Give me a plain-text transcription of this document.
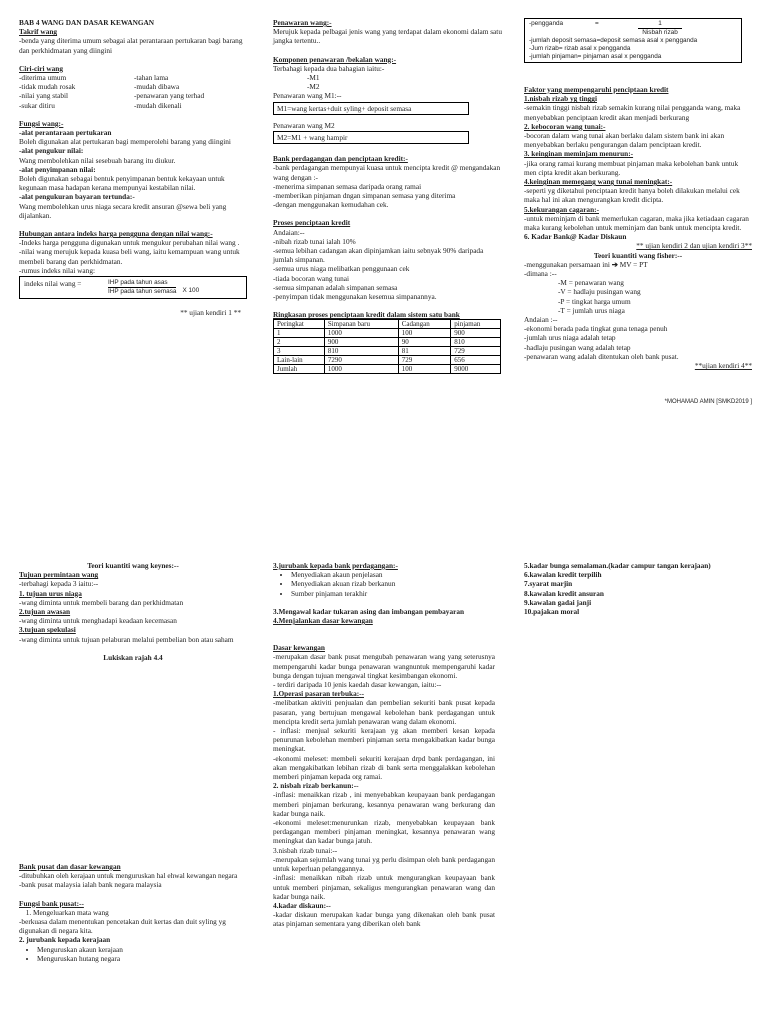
BAB 4 WANG DAN DASAR KEWANGAN

Takrif wang

-benda yang diterima umum sebagai alat perantaraan pertukaran bagi barang dan perkhidmatan yang diingini

Ciri-ciri wang

-diterima umum

-tidak mudah rosak

-nilai yang stabil

-sukar ditiru

-tahan lama

-mudah dibawa

-penawaran yang terhad

-mudah dikenali

Fungsi wang:-

-alat perantaraan pertukaran

Boleh digunakan alat pertukaran bagi memperolehi barang yang diingini

-alat pengukur nilai:

Wang membolehkan nilai sesebuah barang itu diukur.

-alat penyimpanan nilai:

Boleh digunakan sebagai bentuk penyimpanan bentuk kekayaan untuk kegunaan masa hadapan kerana mempunyai kestabilan nilai.

-alat pengukuran bayaran tertunda:-

Wang membolehkan urus niaga secara kredit ansuran @sewa beli yang dijalankan.

Hubungan antara indeks harga pengguna dengan nilai wang:-

-Indeks harga pengguna digunakan untuk mengukur perubahan nilai wang .

-nilai wang merujuk kepada kuasa beli wang, iaitu kemampuan wang untuk membeli barang dan perkhidmatan.

-rumus indeks nilai wang:

indeks nilai wang =	IHP pada tahun asas
IHP pada tahun semasa X 100

** ujian kendiri 1 **

Penawaran wang:-

Merujuk kepada pelbagai jenis wang yang terdapat dalam ekonomi dalam satu jangka tertentu..

Komponen penawaran /bekalan wang:-

Terbahagi kepada dua bahagian iaitu:-

-M1

-M2

Penawaran wang M1:--

M1=wang kertas+duit syling+ deposit semasa

Penawaran wang M2

M2=M1 + wang hampir

Bank perdagangan dan penciptaan kredit:-

-bank perdagangan mempunyai kuasa untuk mencipta kredit @ mengandakan wang dengan :-

-menerima simpanan semasa daripada orang ramai

-memberikan pinjaman dngan simpanan semasa yang diterima

-dengan menggunakan kemudahan cek.

Proses penciptaan kredit

Andaian:--

-nibah rizab tunai ialah 10%

-semua lebihan cadangan akan dipinjamkan iaitu sebnyak 90% daripada jumlah simpanan.

-semua urus niaga melibatkan penggunaan cek

-tiada bocoran wang tunai

-semua simpanan adalah simpanan semasa

-penyimpan tidak menggunakan kesemua simpanannya.

Ringkasan proses penciptaan kredit dalam sistem satu bank

Peringkat	Simpanan baru	Cadangan	pinjaman
1	1000	100	900
2	900	90	810
3	810	81	729
Lain-lain	7290	729	656
Jumlah	1000	100	9000
-pengganda	=	1
Nisbah rizab

-jumlah deposit semasa=deposit semasa asal x pengganda

-Jum rizab= rizab asal x pengganda

-jumlah pinjaman= pinjaman asal x pengganda

Faktor yang mempengaruhi penciptaan kredit

1.nisbah rizab yg tinggi

-semakin tinggi nisbah rizab semakin kurang nilai pengganda wang, maka menyebabkan penciptaan kredit akan menjadi berkurang

2. kebocoran wang tunai:-

-bocoran dalam wang tunai akan berlaku dalam sistem bank ini akan menyebabkan berlaku pengurangan dalam penciptaan kredit.

3. keinginan meminjam menurun:-

-jika orang ramai kurang membuat pinjaman maka kebolehan bank untuk men cipta kredit akan berkurang.

4.keinginan memegang wang tunai meningkat:-

-seperti yg diketahui penciptaan kredit hanya boleh dilakukan melalui cek maka hal ini akan mengurangkan kredit dicipta.

5.kekurangan cagaran:-

-untuk meminjam di bank memerlukan cagaran, maka jika ketiadaan cagaran maka kurang kebolehan untuk meminjam dan bank untuk mencipta kredit.

6. Kadar Bank@ Kadar Diskaun

** ujian kendiri 2 dan ujian kendiri 3**

Teori kuantiti wang fisher:--

-menggunakan persamaan ini ➔ MV = PT

-dimana :--

-M = penawaran wang

-V = hadlaju pusingan wang

-P = tingkat harga umum

-T = jumlah urus niaga

Andaian :--

-ekonomi berada pada tingkat guna tenaga penuh

-jumlah urus niaga adalah tetap

-hadlaju pusingan wang adalah tetap

-penawaran wang adalah ditentukan oleh bank pusat.

**ujian kendiri 4**

*MOHAMAD AMIN [SMKD2019 ]

Teori kuantiti wang keynes:--

Tujuan permintaan wang

-terbahagi kepada 3 iaitu:--

1. tujuan urus niaga

-wang diminta untuk membeli barang dan perkhidmatan

2.tujuan awasan

-wang diminta untuk menghadapi keadaan kecemasan

3.tujuan spekulasi

-wang diminta untuk tujuan pelaburan melalui pembelian bon atau saham

Lukiskan rajah 4.4

Bank pusat dan dasar kewangan

-ditubuhkan oleh kerajaan untuk menguruskan hal ehwal kewangan negara

-bank pusat malaysia ialah bank negara malaysia

Fungsi bank pusat:--

1. Mengeluarkan mata wang

-berkuasa dalam menentukan pencetakan duit kertas dan duit syling yg digunakan di negara kita.

2. jurubank kepada kerajaan

• Menguruskan akaun kerajaan
• Menguruskan hutang negara

3.jurubank kepada bank perdagangan:-

• Menyediakan akaun penjelasan
• Menyediakan akuan rizab berkanun
• Sumber pinjaman terakhir

3.Mengawal kadar tukaran asing dan imbangan pembayaran

4.Menjalankan dasar kewangan

Dasar kewangan

-merupakan dasar bank pusat mengubah penawaran wang yang seterusnya mempengaruhi kadar bunga penawaran wangnuntuk mempengaruhi kadar bunga dengan tujuan mengawal tingkat kesimbangan ekonomi.

- terdiri daripada 10 jenis kaedah dasar kewangan, iaitu:--

1.Operasi pasaran terbuka:--

-melibatkan aktiviti penjualan dan pembelian sekuriti bank pusat kepada pasaran, yang bertujuan mengawal kebolehan bank perdagangan untuk mencipta kredit serta jumlah penawaran wang dalam ekonomi.

- inflasi: menjual sekuriti kerajaan yg akan memberi kesan kepada penurunan kebolehan memberi pinjaman serta mengakibatkan kadar bunga meningkat.

-ekonomi meleset: membeli sekuriti kerajaan drpd bank perdagangan, ini akan mengakibatkan lebihan rizab di bank serta menggalakkan kebolehan memberi pinjaman kepada org ramai.

2. nisbah rizab berkanun:--

-inflasi: menaikkan rizab , ini menyebabkan keupayaan bank perdagangan memberi pinjaman berkurang, kesannya penawaran wang berkurang dan kadar bunga naik.

-ekonomi meleset:menurunkan rizab, menyebabkan keupayaan bank perdagangan memberi pinjaman meningkat, kesannya penawaran wang meningkat dan kadar bunga jatuh.

3.nisbah rizab tunai:--

-merupakan sejumlah wang tunai yg perlu disimpan oleh bank perdagangan untuk keperluan pelanggannya.

-inflasi: menaikkan nibah rizab untuk mengurangkan keupayaan bank untuk memberi pinjaman, sekaligus mengurangkan penawaran wang dan kadar bunga naik.

4.kadar diskaun:--

-kadar diskaun merupakan kadar bunga yang dikenakan oleh bank pusat atas pinjaman sementara yang diberikan oleh bank

5.kadar bunga semalaman.(kadar campur tangan kerajaan)

6.kawalan kredit terpilih

7.syarat marjin

8.kawalan kredit ansuran

9.kawalan gadai janji

10.pajakan moral
